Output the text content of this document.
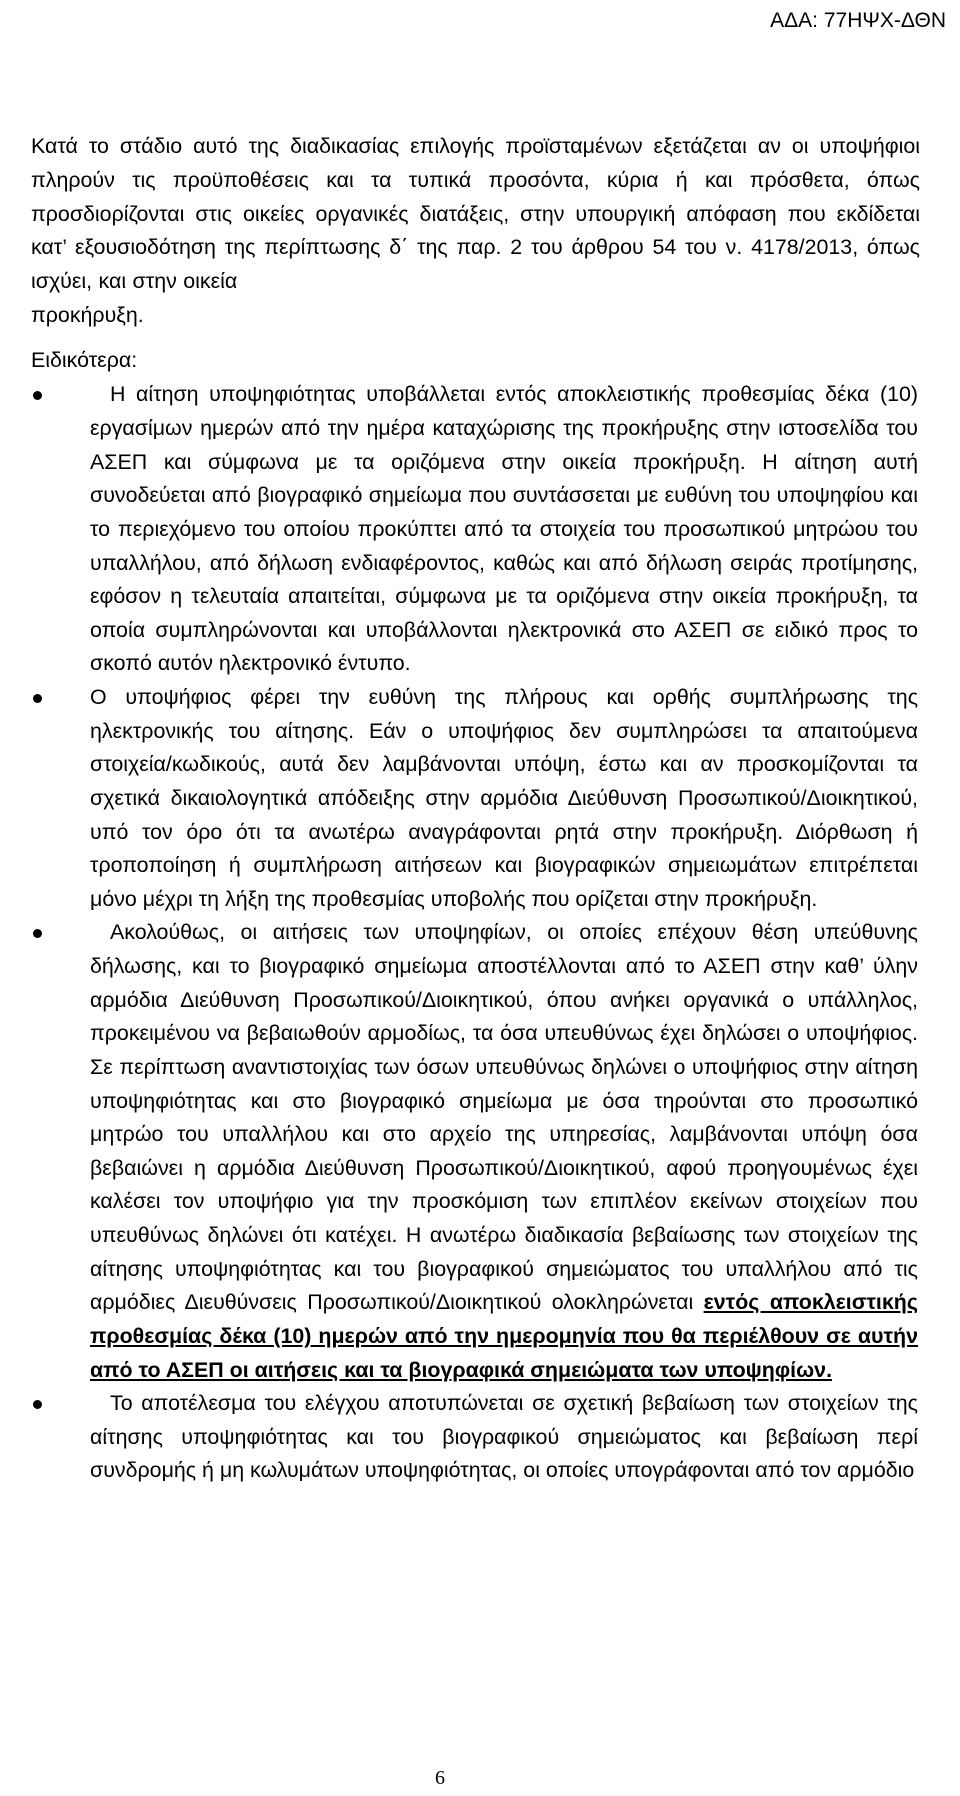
ΑΔΑ: 77ΗΨΧ-ΔΘΝ

Κατά το στάδιο αυτό της διαδικασίας επιλογής προϊσταμένων εξετάζεται αν οι υποψήφιοι πληρούν τις προϋποθέσεις και τα τυπικά προσόντα, κύρια ή και πρόσθετα, όπως προσδιορίζονται στις οικείες οργανικές διατάξεις, στην υπουργική απόφαση που εκδίδεται κατ’ εξουσιοδότηση της περίπτωσης δ΄ της παρ. 2 του άρθρου 54 του ν. 4178/2013, όπως ισχύει, και στην οικεία
προκήρυξη.

Ειδικότερα:

Η αίτηση υποψηφιότητας υποβάλλεται εντός αποκλειστικής προθεσμίας δέκα (10) εργασίμων ημερών από την ημέρα καταχώρισης της προκήρυξης στην ιστοσελίδα του ΑΣΕΠ και σύμφωνα με τα οριζόμενα στην οικεία προκήρυξη. Η αίτηση αυτή συνοδεύεται από βιογραφικό σημείωμα που συντάσσεται με ευθύνη του υποψηφίου και το περιεχόμενο του οποίου προκύπτει από τα στοιχεία του προσωπικού μητρώου του υπαλλήλου, από δήλωση ενδιαφέροντος, καθώς και από δήλωση σειράς προτίμησης, εφόσον η τελευταία απαιτείται, σύμφωνα με τα οριζόμενα στην οικεία προκήρυξη, τα οποία συμπληρώνονται και υποβάλλονται ηλεκτρονικά στο ΑΣΕΠ σε ειδικό προς το σκοπό αυτόν ηλεκτρονικό έντυπο.
Ο υποψήφιος φέρει την ευθύνη της πλήρους και ορθής συμπλήρωσης της ηλεκτρονικής του αίτησης. Εάν ο υποψήφιος δεν συμπληρώσει τα απαιτούμενα στοιχεία/κωδικούς, αυτά δεν λαμβάνονται υπόψη, έστω και αν προσκομίζονται τα σχετικά δικαιολογητικά απόδειξης στην αρμόδια Διεύθυνση Προσωπικού/Διοικητικού, υπό τον όρο ότι τα ανωτέρω αναγράφονται ρητά στην προκήρυξη. Διόρθωση ή τροποποίηση ή συμπλήρωση αιτήσεων και βιογραφικών σημειωμάτων επιτρέπεται μόνο μέχρι τη λήξη της προθεσμίας υποβολής που ορίζεται στην προκήρυξη.
Ακολούθως, οι αιτήσεις των υποψηφίων, οι οποίες επέχουν θέση υπεύθυνης δήλωσης, και το βιογραφικό σημείωμα αποστέλλονται από το ΑΣΕΠ στην καθ’ ύλην αρμόδια Διεύθυνση Προσωπικού/Διοικητικού, όπου ανήκει οργανικά ο υπάλληλος, προκειμένου να βεβαιωθούν αρμοδίως, τα όσα υπευθύνως έχει δηλώσει ο υποψήφιος. Σε περίπτωση αναντιστοιχίας των όσων υπευθύνως δηλώνει ο υποψήφιος στην αίτηση υποψηφιότητας και στο βιογραφικό σημείωμα με όσα τηρούνται στο προσωπικό μητρώο του υπαλλήλου και στο αρχείο της υπηρεσίας, λαμβάνονται υπόψη όσα βεβαιώνει η αρμόδια Διεύθυνση Προσωπικού/Διοικητικού, αφού προηγουμένως έχει καλέσει τον υποψήφιο για την προσκόμιση των επιπλέον εκείνων στοιχείων που υπευθύνως δηλώνει ότι κατέχει. Η ανωτέρω διαδικασία βεβαίωσης των στοιχείων της αίτησης υποψηφιότητας και του βιογραφικού σημειώματος του υπαλλήλου από τις αρμόδιες Διευθύνσεις Προσωπικού/Διοικητικού ολοκληρώνεται εντός αποκλειστικής προθεσμίας δέκα (10) ημερών από την ημερομηνία που θα περιέλθουν σε αυτήν από το ΑΣΕΠ οι αιτήσεις και τα βιογραφικά σημειώματα των υποψηφίων.
Το αποτέλεσμα του ελέγχου αποτυπώνεται σε σχετική βεβαίωση των στοιχείων της αίτησης υποψηφιότητας και του βιογραφικού σημειώματος και βεβαίωση περί συνδρομής ή μη κωλυμάτων υποψηφιότητας, οι οποίες υπογράφονται από τον αρμόδιο
6
